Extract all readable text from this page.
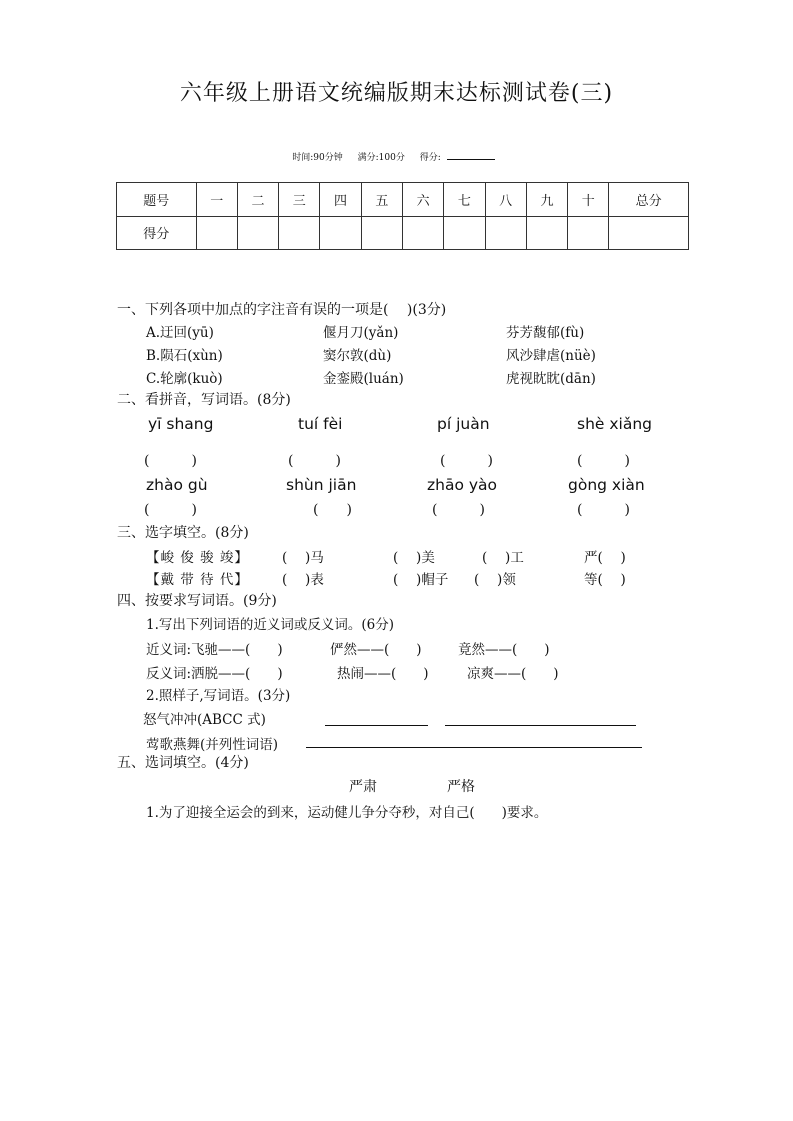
六年级上册语文统编版期末达标测试卷(三)
时间:90分钟 满分:100分 得分:
题号	一	二	三	四	五	六	七	八	九	十	总分
得分											
一、下列各项中加点的字注音有误的一项是(　 )(3分)
A.迂回(yū)	偃月刀(yǎn)	芬芳馥郁(fù)
B.陨石(xùn)	窦尔敦(dù)	风沙肆虐(nüè)
C.轮廓(kuò)	金銮殿(luán)	虎视眈眈(dān)
二、看拼音，写词语。(8分)
yī shang	tuí fèi	pí juàn	shè xiǎng
(　　　)	(　　　)	(　　　)	(　　　)
zhào gù	shùn jiān	zhāo yào	gòng xiàn
(　　　)	(　　)	(　　　)	(　　　)
三、选字填空。(8分)
【峻 俊 骏 竣】 (　 )马	(　 )美	(　 )工	严(　 )
【戴 带 待 代】 (　 )表	(　 )帽子 (　 )领	等(　 )
四、按要求写词语。(9分)
1.写出下列词语的近义词或反义词。(6分)
近义词:飞驰——(　　)	俨然——(　　)	竟然——(　　)
反义词:洒脱——(　　)	热闹——(　　)	凉爽——(　　)
2.照样子,写词语。(3分)
怒气冲冲(ABCC 式)
莺歌燕舞(并列性词语)
五、选词填空。(4分)
严肃	严格
1.为了迎接全运会的到来，运动健儿争分夺秒，对自己(　　)要求。
